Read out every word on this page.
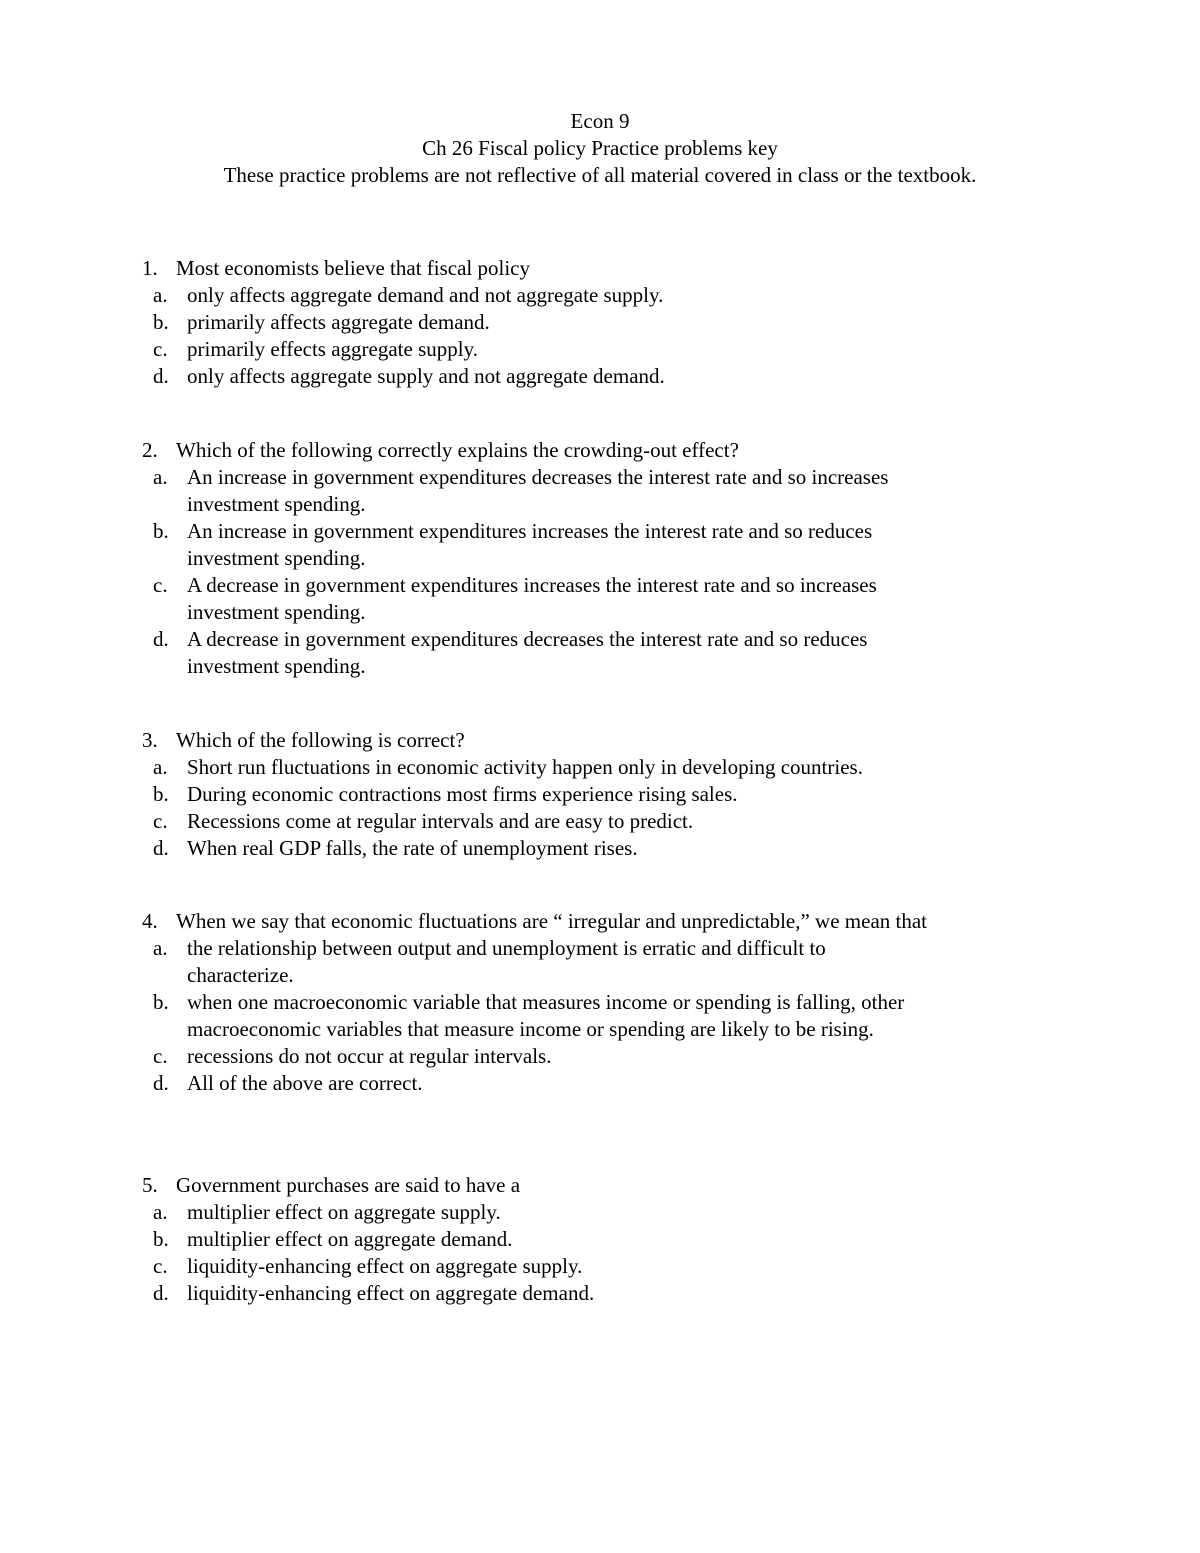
Econ 9
Ch 26 Fiscal policy Practice problems key
These practice problems are not reflective of all material covered in class or the textbook.
1. Most economists believe that fiscal policy
a. only affects aggregate demand and not aggregate supply.
b. primarily affects aggregate demand.
c. primarily effects aggregate supply.
d. only affects aggregate supply and not aggregate demand.
2. Which of the following correctly explains the crowding-out effect?
a. An increase in government expenditures decreases the interest rate and so increases investment spending.
b. An increase in government expenditures increases the interest rate and so reduces investment spending.
c. A decrease in government expenditures increases the interest rate and so increases investment spending.
d. A decrease in government expenditures decreases the interest rate and so reduces investment spending.
3. Which of the following is correct?
a. Short run fluctuations in economic activity happen only in developing countries.
b. During economic contractions most firms experience rising sales.
c. Recessions come at regular intervals and are easy to predict.
d. When real GDP falls, the rate of unemployment rises.
4. When we say that economic fluctuations are “ irregular and unpredictable,” we mean that
a. the relationship between output and unemployment is erratic and difficult to characterize.
b. when one macroeconomic variable that measures income or spending is falling, other macroeconomic variables that measure income or spending are likely to be rising.
c. recessions do not occur at regular intervals.
d. All of the above are correct.
5. Government purchases are said to have a
a. multiplier effect on aggregate supply.
b. multiplier effect on aggregate demand.
c. liquidity-enhancing effect on aggregate supply.
d. liquidity-enhancing effect on aggregate demand.
